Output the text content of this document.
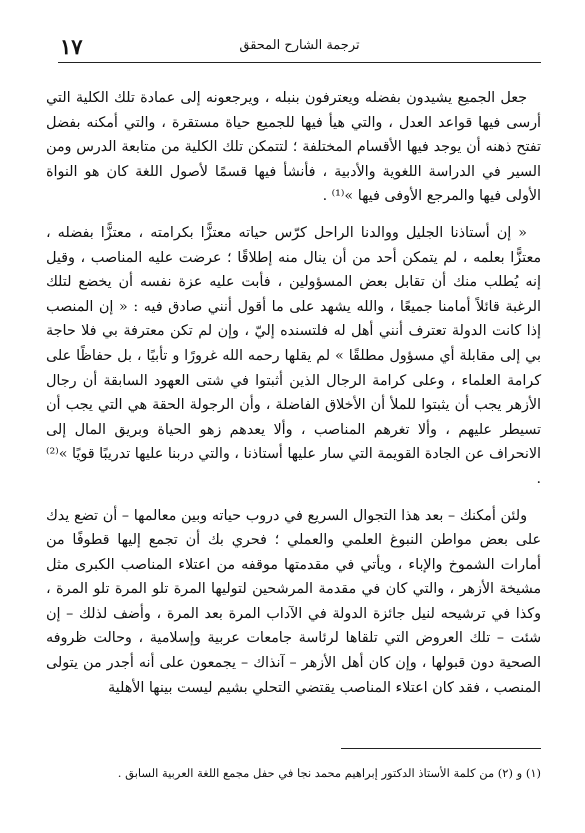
١٧	ترجمة الشارح المحقق

جعل الجميع يشيدون بفضله ويعترفون بنبله ، ويرجعونه إلى عمادة تلك الكلية التي أرسى فيها قواعد العدل ، والتي هيأ فيها للجميع حياة مستقرة ، والتي أمكنه بفضل تفتح ذهنه أن يوجد فيها الأقسام المختلفة ؛ لتتمكن تلك الكلية من متابعة الدرس ومن السير في الدراسة اللغوية والأدبية ، فأنشأ فيها قسمًا لأصول اللغة كان هو النواة الأولى فيها والمرجع الأوفى فيها »⁽¹⁾ .

« إن أستاذنا الجليل ووالدنا الراحل كرّس حياته معتزًّا بكرامته ، معتزًّا بفضله ، معتزًّا بعلمه ، لم يتمكن أحد من أن ينال منه إطلاقًا ؛ عرضت عليه المناصب ، وقيل إنه يُطلب منك أن تقابل بعض المسؤولين ، فأبت عليه عزة نفسه أن يخضع لتلك الرغبة قائلاً أمامنا جميعًا ، والله يشهد على ما أقول أنني صادق فيه : « إن المنصب إذا كانت الدولة تعترف أنني أهل له فلتسنده إليّ ، وإن لم تكن معترفة بي فلا حاجة بي إلى مقابلة أي مسؤول مطلقًا » لم يقلها رحمه الله غرورًا و تأبيًا ، بل حفاظًا على كرامة العلماء ، وعلى كرامة الرجال الذين أثبتوا في شتى العهود السابقة أن رجال الأزهر يجب أن يثبتوا للملأ أن الأخلاق الفاضلة ، وأن الرجولة الحقة هي التي يجب أن تسيطر عليهم ، وألا تغرهم المناصب ، وألا يعدهم زهو الحياة وبريق المال إلى الانحراف عن الجادة القويمة التي سار عليها أستاذنا ، والتي دربنا عليها تدريبًا قويًا »⁽²⁾ .

ولئن أمكنك – بعد هذا التجوال السريع في دروب حياته وبين معالمها – أن تضع يدك على بعض مواطن النبوغ العلمي والعملي ؛ فحري بك أن تجمع إليها قطوفًا من أمارات الشموخ والإباء ، ويأتي في مقدمتها موقفه من اعتلاء المناصب الكبرى مثل مشيخة الأزهر ، والتي كان في مقدمة المرشحين لتوليها المرة تلو المرة تلو المرة ، وكذا في ترشيحه لنيل جائزة الدولة في الآداب المرة بعد المرة ، وأضف لذلك – إن شئت – تلك العروض التي تلقاها لرئاسة جامعات عربية وإسلامية ، وحالت ظروفه الصحية دون قبولها ، وإن كان أهل الأزهر – آنذاك – يجمعون على أنه أجدر من يتولى المنصب ، فقد كان اعتلاء المناصب يقتضي التحلي بشيم ليست بينها الأهلية

(١) و (٢) من كلمة الأستاذ الدكتور إبراهيم محمد نجا في حفل مجمع اللغة العربية السابق .
